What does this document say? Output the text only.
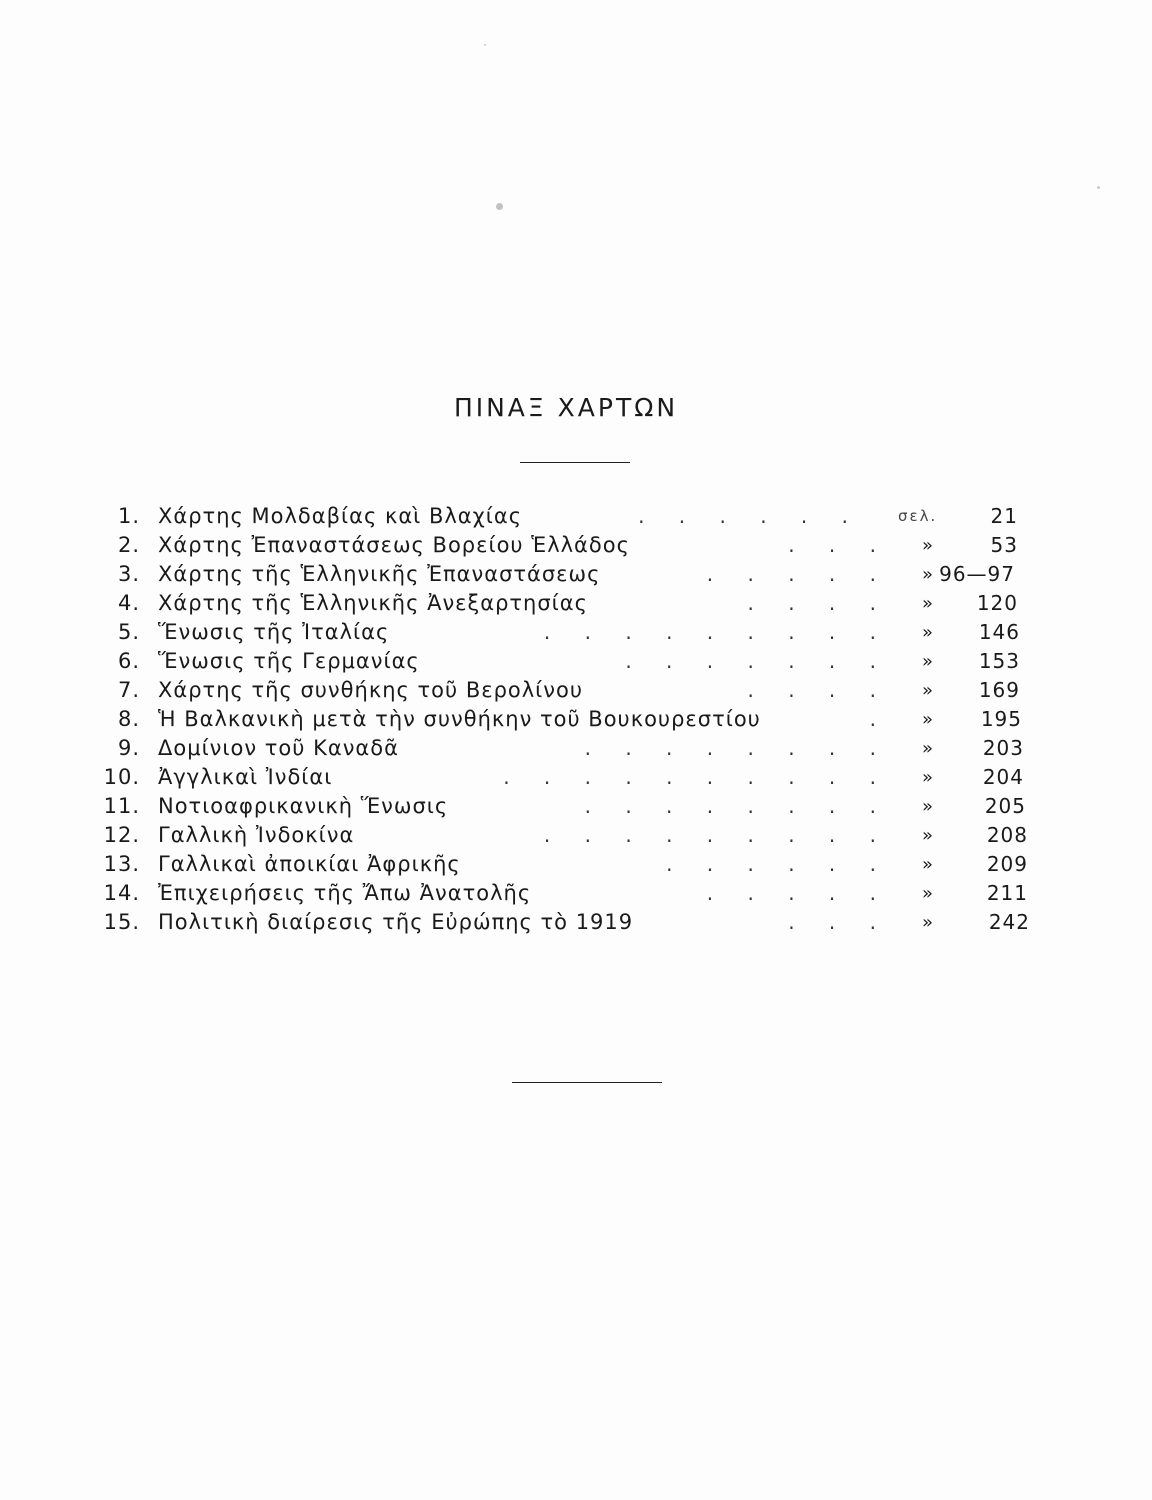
ΠΙΝΑΞ ΧΑΡΤΩΝ
1. Χάρτης Μολδαβίας καὶ Βλαχίας	. . . . . . σελ.	21
2. Χάρτης Ἐπαναστάσεως Βορείου Ἑλλάδος	. . . »	53
3. Χάρτης τῆς Ἑλληνικῆς Ἐπαναστάσεως	. . . . . » 96—97
4. Χάρτης τῆς Ἑλληνικῆς Ἀνεξαρτησίας	. . . . »	120
5. Ἕνωσις τῆς Ἰταλίας	. . . . . . . . . »	146
6. Ἕνωσις τῆς Γερμανίας	. . . . . . . »	153
7. Χάρτης τῆς συνθήκης τοῦ Βερολίνου	. . . . »	169
8. Ἡ Βαλκανικὴ μετὰ τὴν συνθήκην τοῦ Βουκουρεστίου	. »	195
9. Δομίνιον τοῦ Καναδᾶ	. . . . . . . . »	203
10. Ἀγγλικαὶ Ἰνδίαι	. . . . . . . . . . »	204
11. Νοτιοαφρικανικὴ Ἕνωσις	. . . . . . . . »	205
12. Γαλλικὴ Ἰνδοκίνα	. . . . . . . . . »	208
13. Γαλλικαὶ ἀποικίαι Ἀφρικῆς	. . . . . . »	209
14. Ἐπιχειρήσεις τῆς Ἄπω Ἀνατολῆς	. . . . . »	211
15. Πολιτικὴ διαίρεσις τῆς Εὐρώπης τὸ 1919	. . . »	242
